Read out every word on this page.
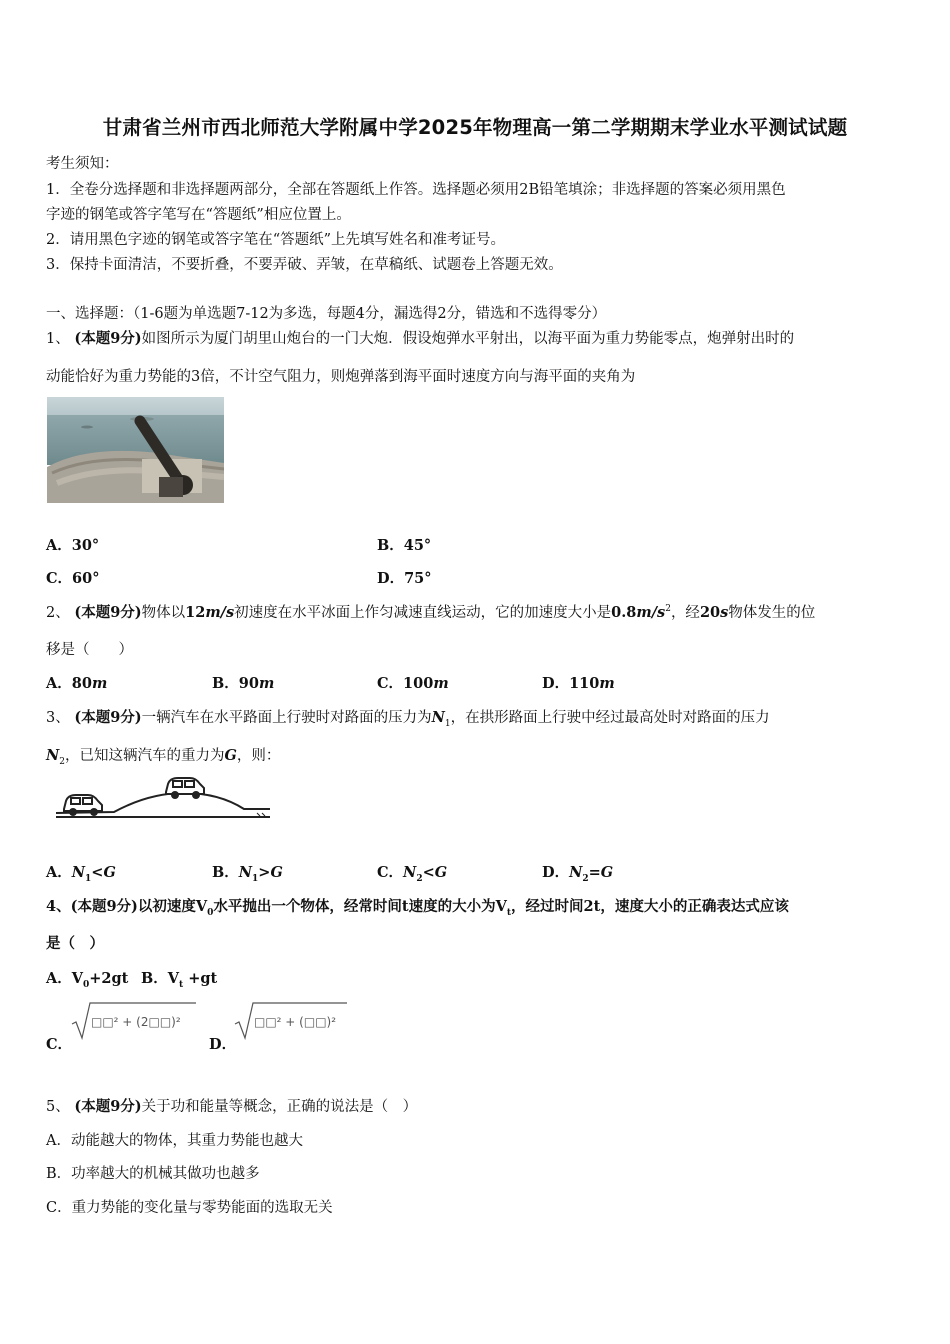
甘肃省兰州市西北师范大学附属中学2025年物理高一第二学期期末学业水平测试试题
考生须知：
1．全卷分选择题和非选择题两部分，全部在答题纸上作答。选择题必须用2B铅笔填涂；非选择题的答案必须用黑色
字迹的钢笔或答字笔写在“答题纸”相应位置上。
2．请用黑色字迹的钢笔或答字笔在“答题纸”上先填写姓名和准考证号。
3．保持卡面清洁，不要折叠，不要弄破、弄皱，在草稿纸、试题卷上答题无效。
一、选择题：（1-6题为单选题7-12为多选，每题4分，漏选得2分，错选和不选得零分）
1、 (本题9分)如图所示为厦门胡里山炮台的一门大炮．假设炮弹水平射出，以海平面为重力势能零点，炮弹射出时的
动能恰好为重力势能的3倍，不计空气阻力，则炮弹落到海平面时速度方向与海平面的夹角为
A．30°	B．45°
C．60°	D．75°
2、 (本题9分)物体以12m/s初速度在水平冰面上作匀减速直线运动，它的加速度大小是$0.8m/s^2$，经20s物体发生的位
移是（　　）
A．80m	B．90m	C．100m	D．110m
3、 (本题9分)一辆汽车在水平路面上行驶时对路面的压力为$N_1$，在拱形路面上行驶中经过最高处时对路面的压力
$N_2$，已知这辆汽车的重力为G，则：
A．$N_1<G$	B．$N_1>G$	C．$N_2<G$	D．$N_2=G$
4、(本题9分)以初速度$V_0$水平抛出一个物体，经常时间t速度的大小为$V_t$，经过时间2t，速度大小的正确表达式应该
是（　）
A．$V_0+2gt$ B．$V_t +gt$
C．
□□² + (2□□)²
D．
□□² + (□□)²
5、 (本题9分)关于功和能量等概念，正确的说法是（　）
A．动能越大的物体，其重力势能也越大
B．功率越大的机械其做功也越多
C．重力势能的变化量与零势能面的选取无关
